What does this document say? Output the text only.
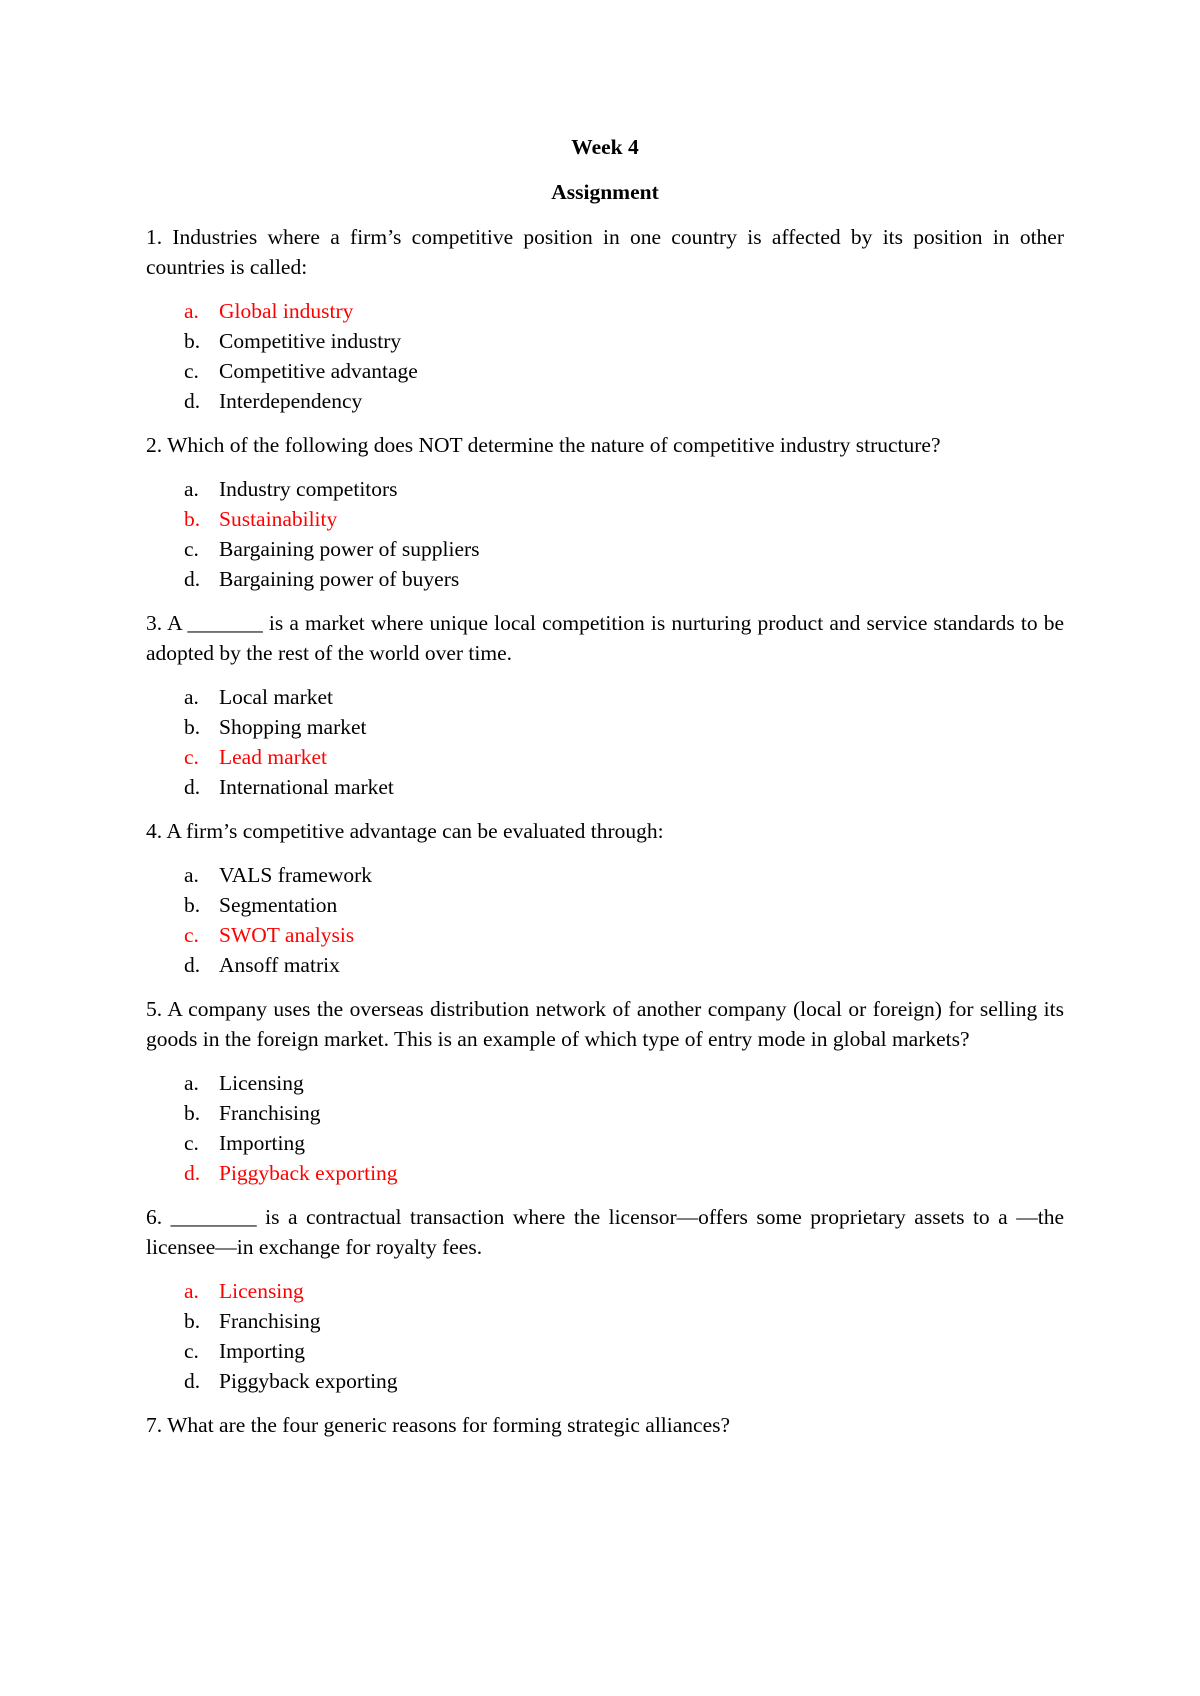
Week 4

Assignment

1. Industries where a firm’s competitive position in one country is affected by its position in other countries is called:

a. Global industry
b. Competitive industry
c. Competitive advantage
d. Interdependency

2. Which of the following does NOT determine the nature of competitive industry structure?

a. Industry competitors
b. Sustainability
c. Bargaining power of suppliers
d. Bargaining power of buyers

3. A _______ is a market where unique local competition is nurturing product and service standards to be adopted by the rest of the world over time.

a. Local market
b. Shopping market
c. Lead market
d. International market

4. A firm’s competitive advantage can be evaluated through:

a. VALS framework
b. Segmentation
c. SWOT analysis
d. Ansoff matrix

5. A company uses the overseas distribution network of another company (local or foreign) for selling its goods in the foreign market. This is an example of which type of entry mode in global markets?

a. Licensing
b. Franchising
c. Importing
d. Piggyback exporting

6. ________ is a contractual transaction where the licensor—offers some proprietary assets to a —the licensee—in exchange for royalty fees.

a. Licensing
b. Franchising
c. Importing
d. Piggyback exporting

7. What are the four generic reasons for forming strategic alliances?
